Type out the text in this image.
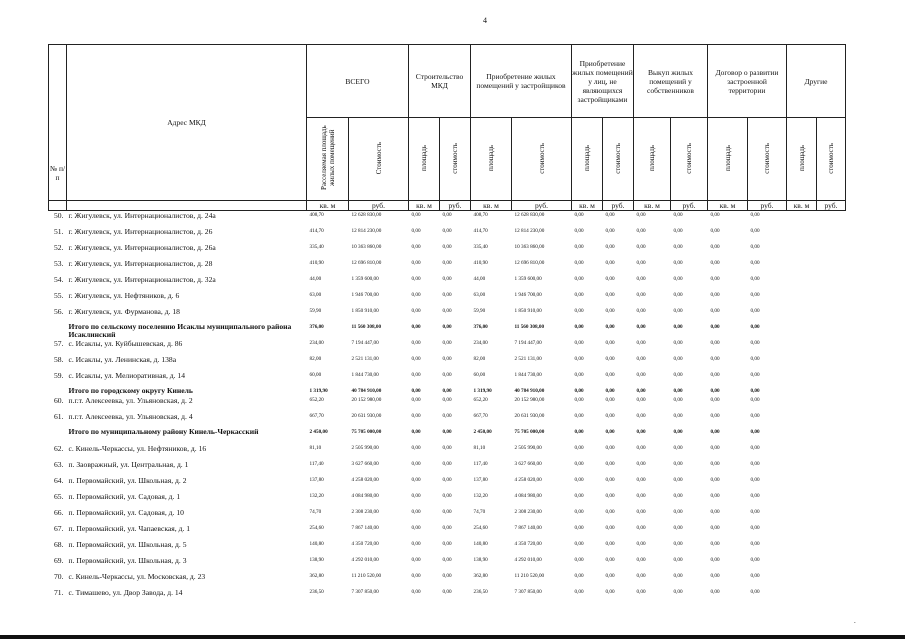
4
№ п/п	Адрес МКД	ВСЕГО		Строительство МКД		Приобретение жилых помещений у застройщиков		Приобретение жилых помещений у лиц, не являющихся застройщиками		Выкуп жилых помещений у собственников		Договор о развитии застроенной территории		Другие	
		Расселяемая площадь жилых помещений	Стоимость	площадь	стоимость	площадь	стоимость	площадь	стоимость	площадь	стоимость	площадь	стоимость	площадь	стоимость
		кв. м	руб.	кв. м	руб.	кв. м	руб.	кв. м	руб.	кв. м	руб.	кв. м	руб.	кв. м	руб.
50.	г. Жигулевск, ул. Интернационалистов, д. 24а	408,70	12 628 830,00	0,00	0,00	408,70	12 628 830,00	0,00	0,00	0,00	0,00	0,00	0,00		
51.	г. Жигулевск, ул. Интернационалистов, д. 26	414,70	12 814 230,00	0,00	0,00	414,70	12 814 230,00	0,00	0,00	0,00	0,00	0,00	0,00		
52.	г. Жигулевск, ул. Интернационалистов, д. 26а	335,40	10 363 860,00	0,00	0,00	335,40	10 363 860,00	0,00	0,00	0,00	0,00	0,00	0,00		
53.	г. Жигулевск, ул. Интернационалистов, д. 28	410,90	12 696 810,00	0,00	0,00	410,90	12 696 810,00	0,00	0,00	0,00	0,00	0,00	0,00		
54.	г. Жигулевск, ул. Интернационалистов, д. 32а	44,00	1 359 600,00	0,00	0,00	44,00	1 359 600,00	0,00	0,00	0,00	0,00	0,00	0,00		
55.	г. Жигулевск, ул. Нефтяников, д. 6	63,00	1 946 700,00	0,00	0,00	63,00	1 946 700,00	0,00	0,00	0,00	0,00	0,00	0,00		
56.	г. Жигулевск, ул. Фурманова, д. 18	59,90	1 850 910,00	0,00	0,00	59,90	1 850 910,00	0,00	0,00	0,00	0,00	0,00	0,00		
	Итого по сельскому поселению Исаклы муниципального района Исаклинский	376,00	11 560 308,00	0,00	0,00	376,00	11 560 308,00	0,00	0,00	0,00	0,00	0,00	0,00		
57.	с. Исаклы, ул. Куйбышевская, д. 86	234,00	7 194 447,00	0,00	0,00	234,00	7 194 447,00	0,00	0,00	0,00	0,00	0,00	0,00		
58.	с. Исаклы, ул. Ленинская, д. 138а	82,00	2 521 131,00	0,00	0,00	82,00	2 521 131,00	0,00	0,00	0,00	0,00	0,00	0,00		
59.	с. Исаклы, ул. Мелиоративная, д. 14	60,00	1 844 730,00	0,00	0,00	60,00	1 844 730,00	0,00	0,00	0,00	0,00	0,00	0,00		
	Итого по городскому округу Кинель	1 319,90	40 784 910,00	0,00	0,00	1 319,90	40 784 910,00	0,00	0,00	0,00	0,00	0,00	0,00		
60.	п.г.т. Алексеевка, ул. Ульяновская, д. 2	652,20	20 152 980,00	0,00	0,00	652,20	20 152 980,00	0,00	0,00	0,00	0,00	0,00	0,00		
61.	п.г.т. Алексеевка, ул. Ульяновская, д. 4	667,70	20 631 930,00	0,00	0,00	667,70	20 631 930,00	0,00	0,00	0,00	0,00	0,00	0,00		
	Итого по муниципальному району Кинель-Черкасский	2 450,00	75 705 000,00	0,00	0,00	2 450,00	75 705 000,00	0,00	0,00	0,00	0,00	0,00	0,00		
62.	с. Кинель-Черкассы, ул. Нефтяников, д. 16	81,10	2 505 990,00	0,00	0,00	81,10	2 505 990,00	0,00	0,00	0,00	0,00	0,00	0,00		
63.	п. Заовражный, ул. Центральная, д. 1	117,40	3 627 660,00	0,00	0,00	117,40	3 627 660,00	0,00	0,00	0,00	0,00	0,00	0,00		
64.	п. Первомайский, ул. Школьная, д. 2	137,80	4 258 020,00	0,00	0,00	137,80	4 258 020,00	0,00	0,00	0,00	0,00	0,00	0,00		
65.	п. Первомайский, ул. Садовая, д. 1	132,20	4 084 980,00	0,00	0,00	132,20	4 084 980,00	0,00	0,00	0,00	0,00	0,00	0,00		
66.	п. Первомайский, ул. Садовая, д. 10	74,70	2 308 230,00	0,00	0,00	74,70	2 308 230,00	0,00	0,00	0,00	0,00	0,00	0,00		
67.	п. Первомайский, ул. Чапаевская, д. 1	254,60	7 867 140,00	0,00	0,00	254,60	7 867 140,00	0,00	0,00	0,00	0,00	0,00	0,00		
68.	п. Первомайский, ул. Школьная, д. 5	140,80	4 350 720,00	0,00	0,00	140,80	4 350 720,00	0,00	0,00	0,00	0,00	0,00	0,00		
69.	п. Первомайский, ул. Школьная, д. 3	138,90	4 292 010,00	0,00	0,00	138,90	4 292 010,00	0,00	0,00	0,00	0,00	0,00	0,00		
70.	с. Кинель-Черкассы, ул. Московская, д. 23	362,80	11 210 520,00	0,00	0,00	362,80	11 210 520,00	0,00	0,00	0,00	0,00	0,00	0,00		
71.	с. Тимашево, ул. Двор Завода, д. 14	236,50	7 307 850,00	0,00	0,00	236,50	7 307 850,00	0,00	0,00	0,00	0,00	0,00	0,00		
.
